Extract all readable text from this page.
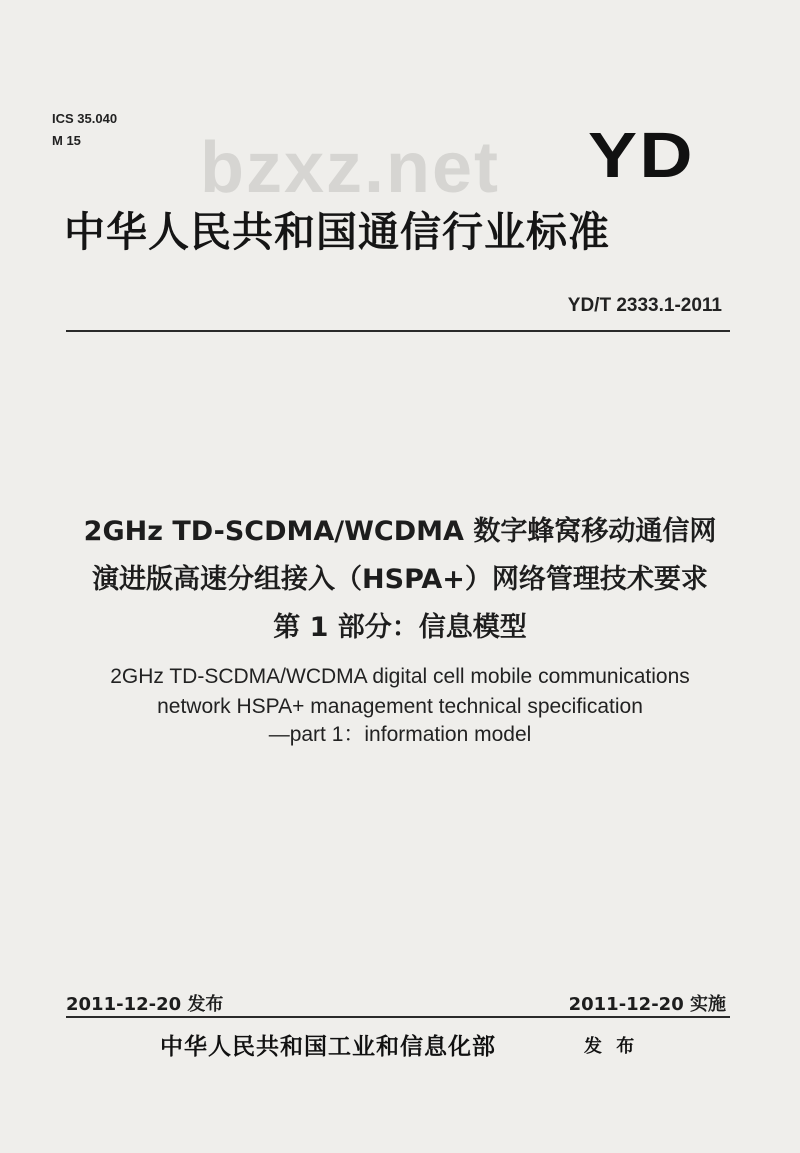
ICS 35.040
M 15	bzxz.net YD
中华人民共和国通信行业标准
YD/T 2333.1-2011
2GHz TD-SCDMA/WCDMA 数字蜂窝移动通信网
演进版高速分组接入（HSPA+）网络管理技术要求
第 1 部分：信息模型
2GHz TD-SCDMA/WCDMA digital cell mobile communications
network HSPA+ management technical specification
—part 1：information model
2011-12-20 发布	2011-12-20 实施
中华人民共和国工业和信息化部	发 布
